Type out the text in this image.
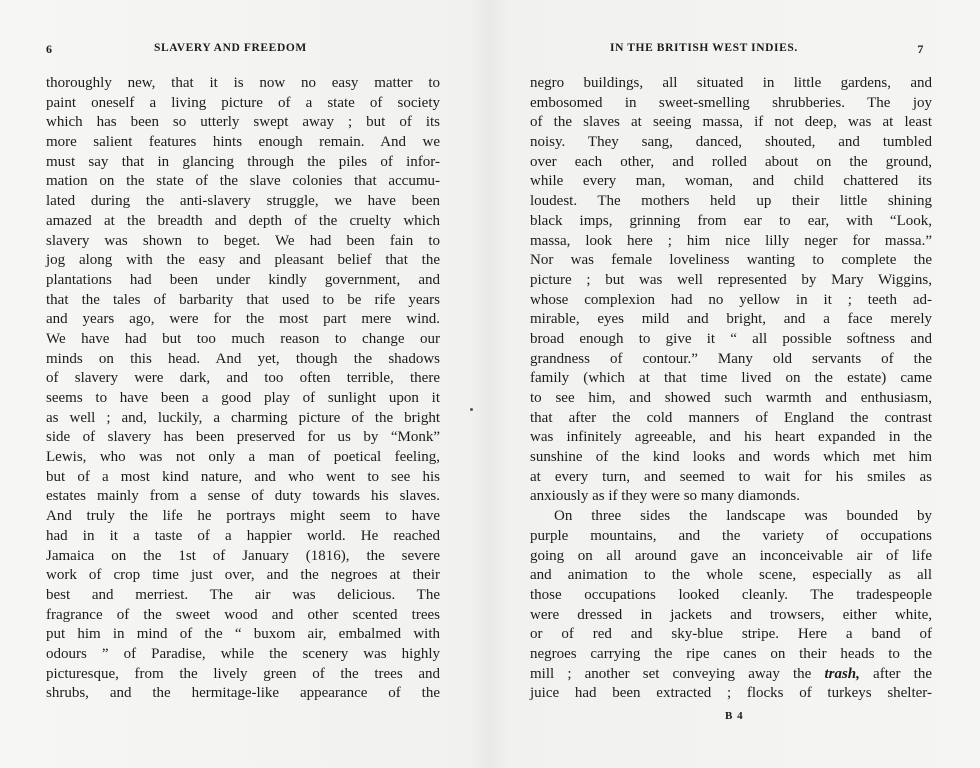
6	SLAVERY AND FREEDOM
thoroughly new, that it is now no easy matter to
paint oneself a living picture of a state of society
which has been so utterly swept away ; but of its
more salient features hints enough remain. And we
must say that in glancing through the piles of infor-
mation on the state of the slave colonies that accumu-
lated during the anti-slavery struggle, we have been
amazed at the breadth and depth of the cruelty which
slavery was shown to beget. We had been fain to
jog along with the easy and pleasant belief that the
plantations had been under kindly government, and
that the tales of barbarity that used to be rife years
and years ago, were for the most part mere wind.
We have had but too much reason to change our
minds on this head. And yet, though the shadows
of slavery were dark, and too often terrible, there
seems to have been a good play of sunlight upon it
as well ; and, luckily, a charming picture of the bright
side of slavery has been preserved for us by “Monk”
Lewis, who was not only a man of poetical feeling,
but of a most kind nature, and who went to see his
estates mainly from a sense of duty towards his slaves.
And truly the life he portrays might seem to have
had in it a taste of a happier world. He reached
Jamaica on the 1st of January (1816), the severe
work of crop time just over, and the negroes at their
best and merriest. The air was delicious. The
fragrance of the sweet wood and other scented trees
put him in mind of the “ buxom air, embalmed with
odours ” of Paradise, while the scenery was highly
picturesque, from the lively green of the trees and
shrubs, and the hermitage-like appearance of the
IN THE BRITISH WEST INDIES.	7
negro buildings, all situated in little gardens, and
embosomed in sweet-smelling shrubberies. The joy
of the slaves at seeing massa, if not deep, was at least
noisy. They sang, danced, shouted, and tumbled
over each other, and rolled about on the ground,
while every man, woman, and child chattered its
loudest. The mothers held up their little shining
black imps, grinning from ear to ear, with “Look,
massa, look here ; him nice lilly neger for massa.”
Nor was female loveliness wanting to complete the
picture ; but was well represented by Mary Wiggins,
whose complexion had no yellow in it ; teeth ad-
mirable, eyes mild and bright, and a face merely
broad enough to give it “ all possible softness and
grandness of contour.” Many old servants of the
family (which at that time lived on the estate) came
to see him, and showed such warmth and enthusiasm,
that after the cold manners of England the contrast
was infinitely agreeable, and his heart expanded in the
sunshine of the kind looks and words which met him
at every turn, and seemed to wait for his smiles as
anxiously as if they were so many diamonds.
On three sides the landscape was bounded by
purple mountains, and the variety of occupations
going on all around gave an inconceivable air of life
and animation to the whole scene, especially as all
those occupations looked cleanly. The tradespeople
were dressed in jackets and trowsers, either white,
or of red and sky-blue stripe. Here a band of
negroes carrying the ripe canes on their heads to the
mill ; another set conveying away the trash, after the
juice had been extracted ; flocks of turkeys shelter-
B 4
